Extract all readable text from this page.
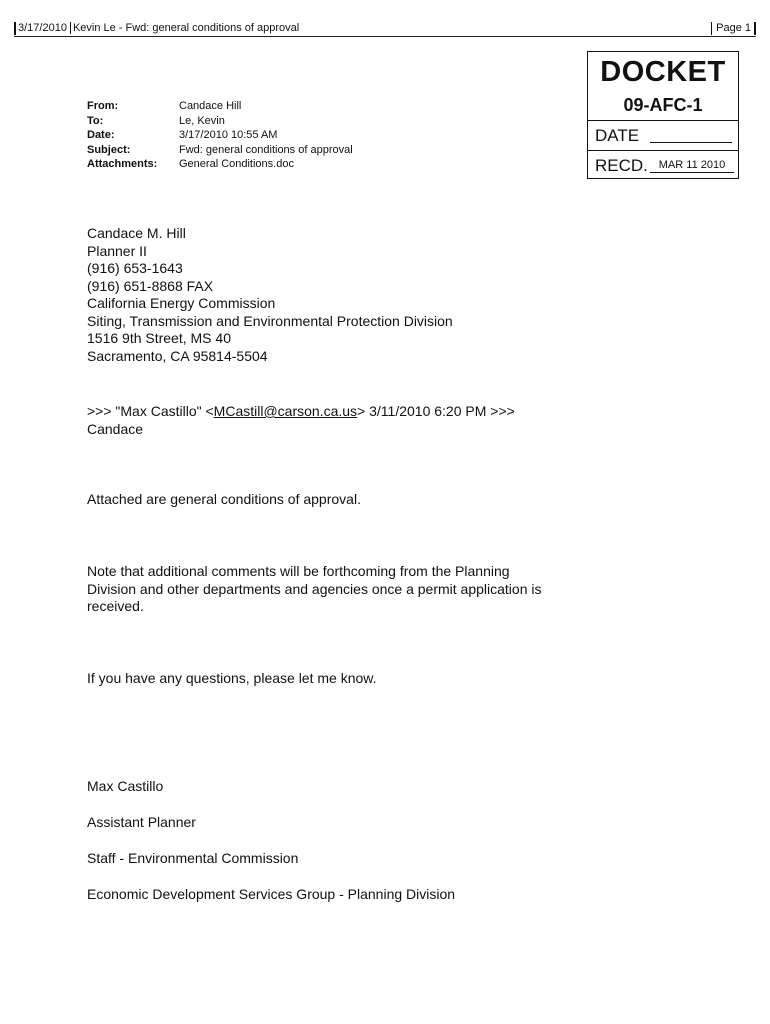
3/17/2010 Kevin Le - Fwd: general conditions of approval	Page 1
DOCKET
09-AFC-1
DATE
RECD. MAR 11 2010
From:	Candace Hill
To:	Le, Kevin
Date:	3/17/2010 10:55 AM
Subject:	Fwd: general conditions of approval
Attachments:	General Conditions.doc

Candace M. Hill

Planner II

(916) 653-1643

(916) 651-8868 FAX

California Energy Commission

Siting, Transmission and Environmental Protection Division

1516 9th Street, MS 40

Sacramento, CA 95814-5504

>>> "Max Castillo" <MCastill@carson.ca.us> 3/11/2010 6:20 PM >>>

Candace

Attached are general conditions of approval.

Note that additional comments will be forthcoming from the Planning

Division and other departments and agencies once a permit application is

received.

If you have any questions, please let me know.

Max Castillo

Assistant Planner

Staff - Environmental Commission

Economic Development Services Group - Planning Division
